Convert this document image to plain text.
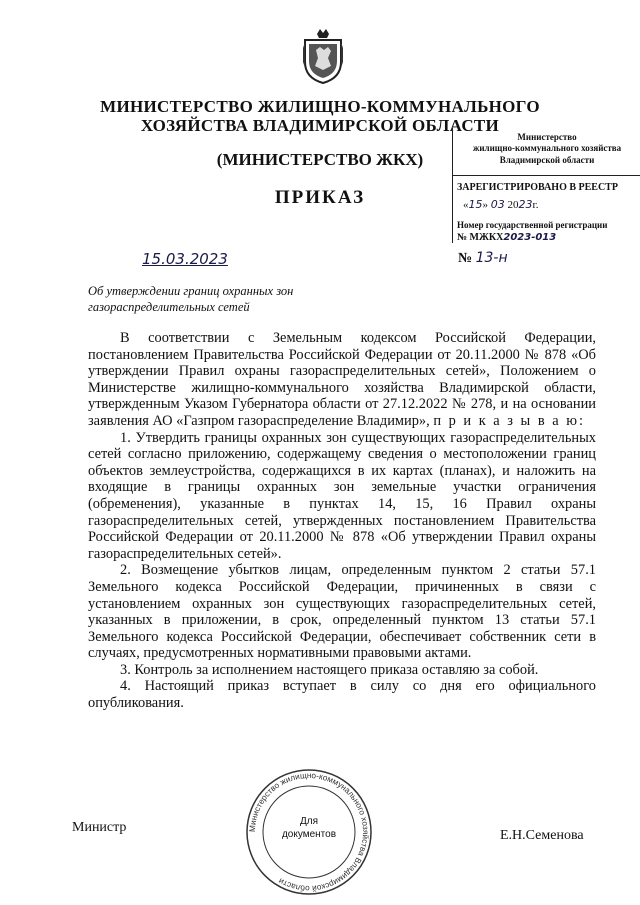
МИНИСТЕРСТВО ЖИЛИЩНО-КОММУНАЛЬНОГО
ХОЗЯЙСТВА ВЛАДИМИРСКОЙ ОБЛАСТИ
(МИНИСТЕРСТВО ЖКХ)
ПРИКАЗ
Министерство
жилищно-коммунального хозяйства
Владимирской области
ЗАРЕГИСТРИРОВАНО В РЕЕСТР
«15» 03 2023г.
Номер государственной регистрации
№ МЖКХ2023-013
15.03.2023	№ 13-н
Об утверждении границ охранных зон газораспределительных сетей

В соответствии с Земельным кодексом Российской Федерации, постановлением Правительства Российской Федерации от 20.11.2000 № 878 «Об утверждении Правил охраны газораспределительных сетей», Положением о Министерстве жилищно-коммунального хозяйства Владимирской области, утвержденным Указом Губернатора области от 27.12.2022 № 278, и на основании заявления АО «Газпром газораспределение Владимир», п р и к а з ы в а ю:

1. Утвердить границы охранных зон существующих газораспределительных сетей согласно приложению, содержащему сведения о местоположении границ объектов землеустройства, содержащихся в их картах (планах), и наложить на входящие в границы охранных зон земельные участки ограничения (обременения), указанные в пунктах 14, 15, 16 Правил охраны газораспределительных сетей, утвержденных постановлением Правительства Российской Федерации от 20.11.2000 № 878 «Об утверждении Правил охраны газораспределительных сетей».

2. Возмещение убытков лицам, определенным пунктом 2 статьи 57.1 Земельного кодекса Российской Федерации, причиненных в связи с установлением охранных зон существующих газораспределительных сетей, указанных в приложении, в срок, определенный пунктом 13 статьи 57.1 Земельного кодекса Российской Федерации, обеспечивает собственник сети в случаях, предусмотренных нормативными правовыми актами.

3. Контроль за исполнением настоящего приказа оставляю за собой.

4. Настоящий приказ вступает в силу со дня его официального опубликования.

Министерство жилищно-коммунального хозяйства Владимирской области
Для
документов
Министр
Е.Н.Семенова
